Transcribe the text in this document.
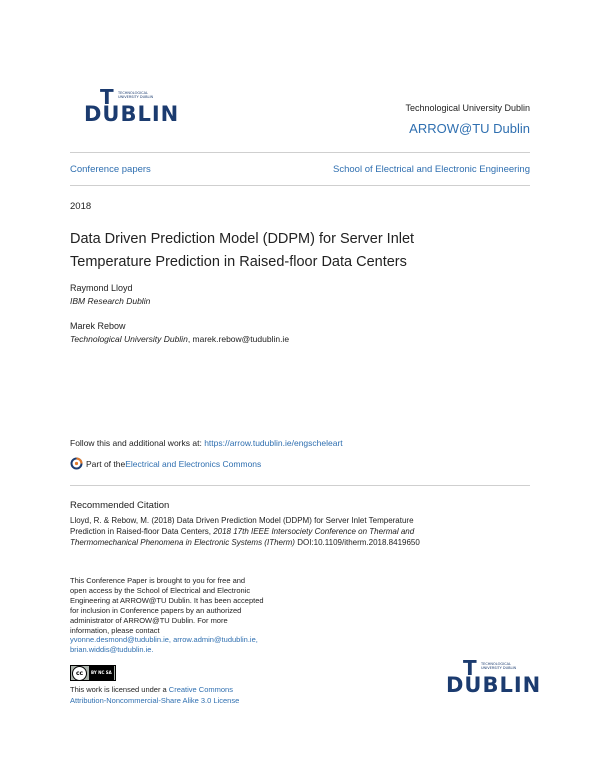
T TECHNOLOGICAL UNIVERSITY DUBLIN
DUBLIN	Technological University Dublin
ARROW@TU Dublin
Conference papers	School of Electrical and Electronic Engineering
2018
Data Driven Prediction Model (DDPM) for Server Inlet
Temperature Prediction in Raised-floor Data Centers
Raymond Lloyd
IBM Research Dublin
Marek Rebow
Technological University Dublin, marek.rebow@tudublin.ie
Follow this and additional works at: https://arrow.tudublin.ie/engscheleart
Part of the Electrical and Electronics Commons
Recommended Citation
Lloyd, R. & Rebow, M. (2018) Data Driven Prediction Model (DDPM) for Server Inlet Temperature
Prediction in Raised-floor Data Centers, 2018 17th IEEE Intersociety Conference on Thermal and
Thermomechanical Phenomena in Electronic Systems (ITherm) DOI:10.1109/itherm.2018.8419650
This Conference Paper is brought to you for free and
open access by the School of Electrical and Electronic
Engineering at ARROW@TU Dublin. It has been accepted
for inclusion in Conference papers by an authorized
administrator of ARROW@TU Dublin. For more
information, please contact
yvonne.desmond@tudublin.ie, arrow.admin@tudublin.ie,
brian.widdis@tudublin.ie.
cc	BY NC SA
This work is licensed under a Creative Commons
Attribution-Noncommercial-Share Alike 3.0 License
T TECHNOLOGICAL UNIVERSITY DUBLIN
DUBLIN
